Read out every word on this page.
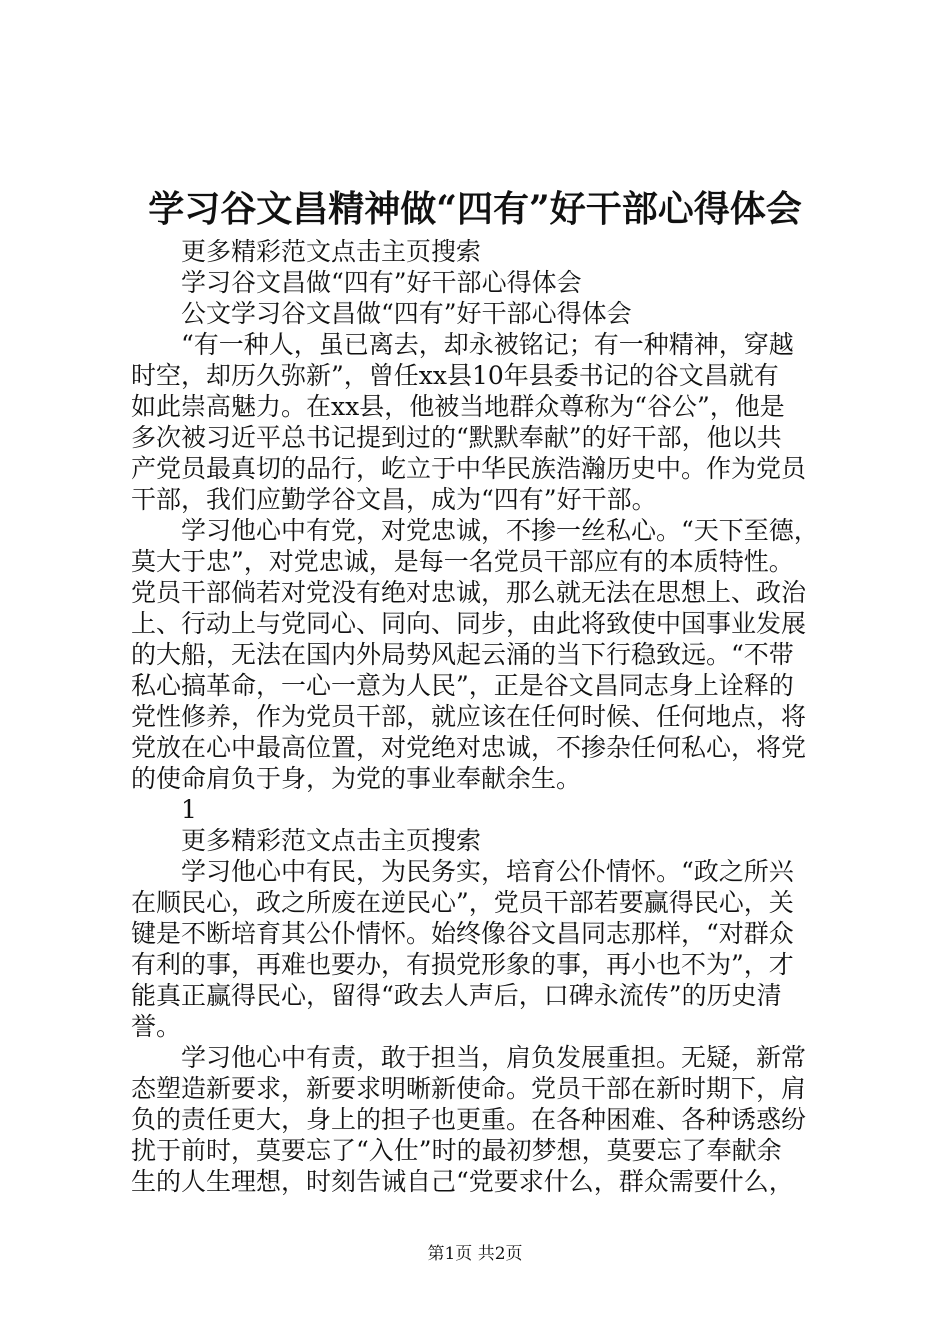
学习谷文昌精神做“四有”好干部心得体会
更多精彩范文点击主页搜索
学习谷文昌做“四有”好干部心得体会
公文学习谷文昌做“四有”好干部心得体会
“有一种人，虽已离去，却永被铭记；有一种精神，穿越
时空，却历久弥新”，曾任xx县10年县委书记的谷文昌就有
如此崇高魅力。在xx县，他被当地群众尊称为“谷公”，他是
多次被习近平总书记提到过的“默默奉献”的好干部，他以共
产党员最真切的品行，屹立于中华民族浩瀚历史中。作为党员
干部，我们应勤学谷文昌，成为“四有”好干部。
学习他心中有党，对党忠诚，不掺一丝私心。“天下至德，
莫大于忠”，对党忠诚，是每一名党员干部应有的本质特性。
党员干部倘若对党没有绝对忠诚，那么就无法在思想上、政治
上、行动上与党同心、同向、同步，由此将致使中国事业发展
的大船，无法在国内外局势风起云涌的当下行稳致远。“不带
私心搞革命，一心一意为人民”，正是谷文昌同志身上诠释的
党性修养，作为党员干部，就应该在任何时候、任何地点，将
党放在心中最高位置，对党绝对忠诚，不掺杂任何私心，将党
的使命肩负于身，为党的事业奉献余生。
1
更多精彩范文点击主页搜索
学习他心中有民，为民务实，培育公仆情怀。“政之所兴
在顺民心，政之所废在逆民心”，党员干部若要赢得民心，关
键是不断培育其公仆情怀。始终像谷文昌同志那样，“对群众
有利的事，再难也要办，有损党形象的事，再小也不为”，才
能真正赢得民心，留得“政去人声后，口碑永流传”的历史清
誉。
学习他心中有责，敢于担当，肩负发展重担。无疑，新常
态塑造新要求，新要求明晰新使命。党员干部在新时期下，肩
负的责任更大，身上的担子也更重。在各种困难、各种诱惑纷
扰于前时，莫要忘了“入仕”时的最初梦想，莫要忘了奉献余
生的人生理想，时刻告诫自己“党要求什么，群众需要什么，
第1页 共2页
